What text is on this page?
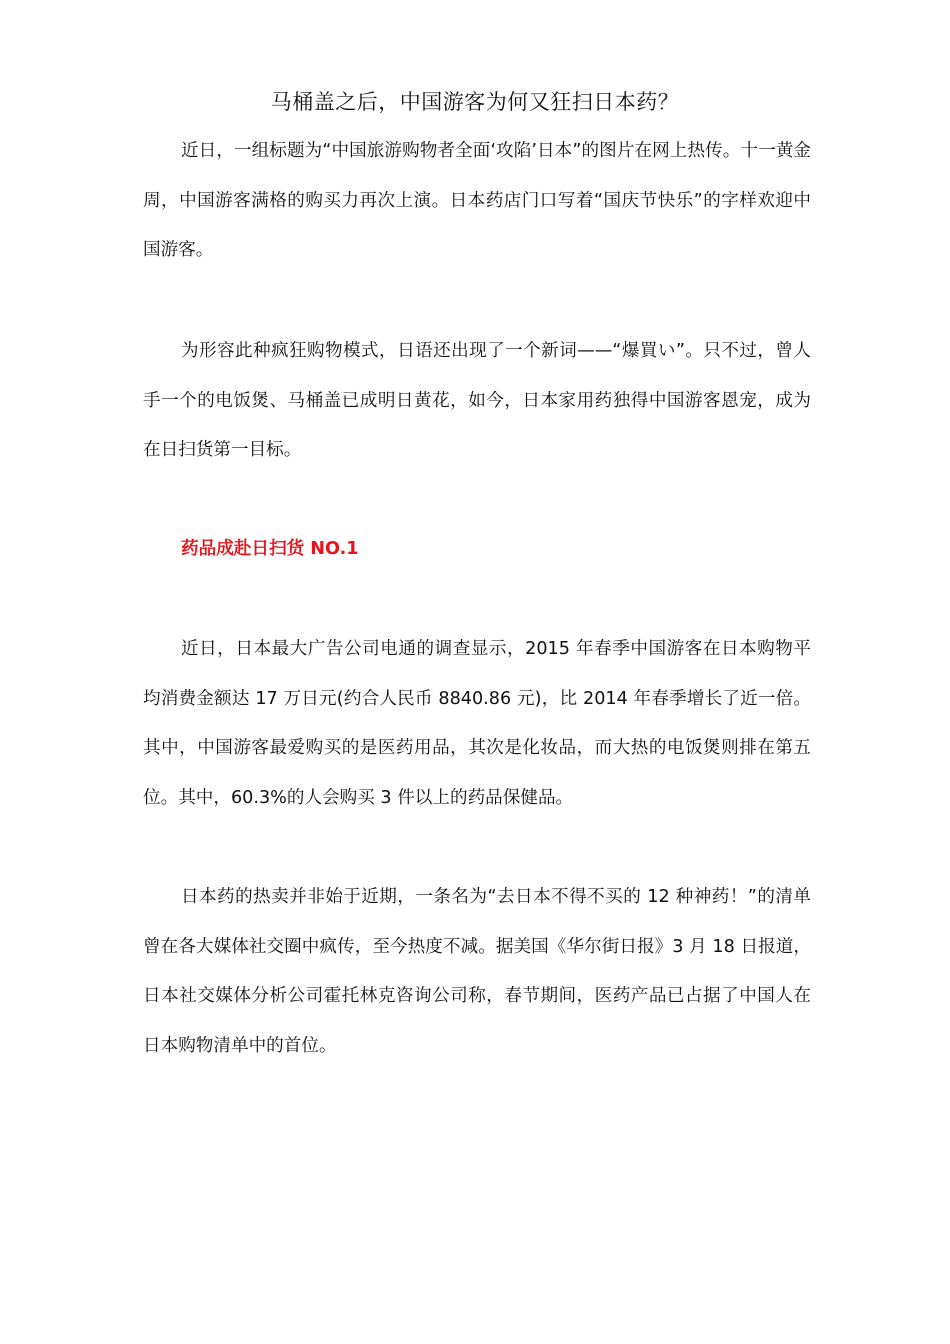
马桶盖之后，中国游客为何又狂扫日本药？

近日，一组标题为“中国旅游购物者全面‘攻陷’日本”的图片在网上热传。十一黄金周，中国游客满格的购买力再次上演。日本药店门口写着“国庆节快乐”的字样欢迎中国游客。

为形容此种疯狂购物模式，日语还出现了一个新词——“爆買い”。只不过，曾人手一个的电饭煲、马桶盖已成明日黄花，如今，日本家用药独得中国游客恩宠，成为在日扫货第一目标。

药品成赴日扫货 NO.1

近日，日本最大广告公司电通的调查显示，2015 年春季中国游客在日本购物平均消费金额达 17 万日元(约合人民币 8840.86 元)，比 2014 年春季增长了近一倍。其中，中国游客最爱购买的是医药用品，其次是化妆品，而大热的电饭煲则排在第五位。其中，60.3%的人会购买 3 件以上的药品保健品。

日本药的热卖并非始于近期，一条名为“去日本不得不买的 12 种神药！”的清单曾在各大媒体社交圈中疯传，至今热度不减。据美国《华尔街日报》3 月 18 日报道，日本社交媒体分析公司霍托林克咨询公司称，春节期间，医药产品已占据了中国人在日本购物清单中的首位。
